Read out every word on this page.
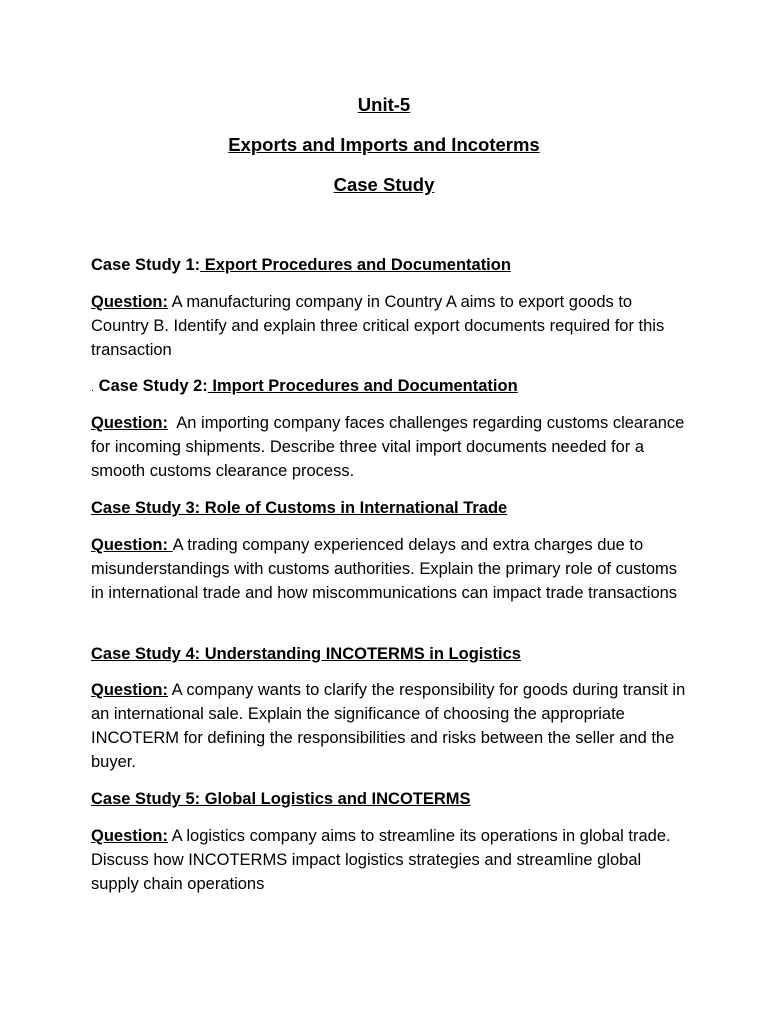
Unit-5

Exports and Imports and Incoterms

Case Study

Case Study 1: Export Procedures and Documentation

Question: A manufacturing company in Country A aims to export goods to Country B. Identify and explain three critical export documents required for this transaction

. Case Study 2: Import Procedures and Documentation

Question:  An importing company faces challenges regarding customs clearance for incoming shipments. Describe three vital import documents needed for a smooth customs clearance process.

Case Study 3: Role of Customs in International Trade

Question: A trading company experienced delays and extra charges due to misunderstandings with customs authorities. Explain the primary role of customs in international trade and how miscommunications can impact trade transactions

Case Study 4: Understanding INCOTERMS in Logistics

Question: A company wants to clarify the responsibility for goods during transit in an international sale. Explain the significance of choosing the appropriate INCOTERM for defining the responsibilities and risks between the seller and the buyer.

Case Study 5: Global Logistics and INCOTERMS

Question: A logistics company aims to streamline its operations in global trade. Discuss how INCOTERMS impact logistics strategies and streamline global supply chain operations
